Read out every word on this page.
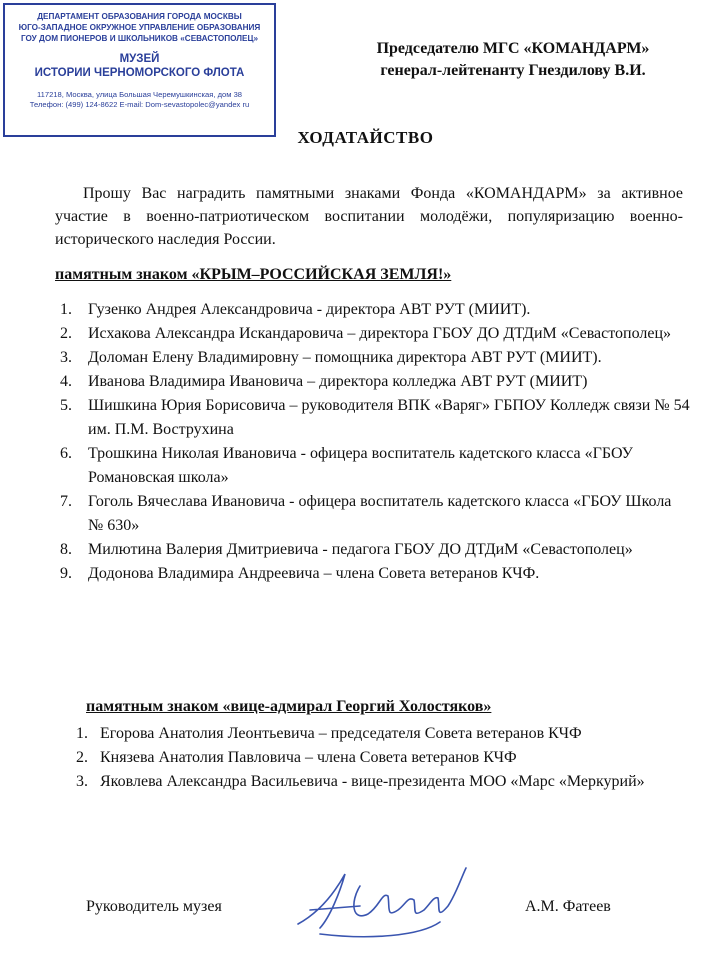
ДЕПАРТАМЕНТ ОБРАЗОВАНИЯ ГОРОДА МОСКВЫ
ЮГО-ЗАПАДНОЕ ОКРУЖНОЕ УПРАВЛЕНИЕ ОБРАЗОВАНИЯ
ГОУ ДОМ ПИОНЕРОВ И ШКОЛЬНИКОВ «СЕВАСТОПОЛЕЦ»
МУЗЕЙ
ИСТОРИИ ЧЕРНОМОРСКОГО ФЛОТА
117218, Москва, улица Большая Черемушкинская, дом 38
Телефон: (499) 124-8622 E-mail: Dom-sevastopolec@yandex ru
Председателю МГС «КОМАНДАРМ»
генерал-лейтенанту Гнездилову В.И.
ХОДАТАЙСТВО
Прошу Вас наградить памятными знаками Фонда «КОМАНДАРМ» за активное участие в военно-патриотическом воспитании молодёжи, популяризацию военно-исторического наследия России.
памятным знаком «КРЫМ–РОССИЙСКАЯ ЗЕМЛЯ!»
1. Гузенко Андрея Александровича - директора АВТ РУТ (МИИТ).
2. Исхакова Александра Искандаровича – директора ГБОУ ДО ДТДиМ «Севастополец»
3. Доломан Елену Владимировну – помощника директора АВТ РУТ (МИИТ).
4. Иванова Владимира Ивановича – директора колледжа АВТ РУТ (МИИТ)
5. Шишкина Юрия Борисовича – руководителя ВПК «Варяг» ГБПОУ Колледж связи № 54 им. П.М. Вострухина
6. Трошкина Николая Ивановича - офицера воспитатель кадетского класса «ГБОУ Романовская школа»
7. Гоголь Вячеслава Ивановича - офицера воспитатель кадетского класса «ГБОУ Школа № 630»
8. Милютина Валерия Дмитриевича - педагога ГБОУ ДО ДТДиМ «Севастополец»
9. Додонова Владимира Андреевича – члена Совета ветеранов КЧФ.
памятным знаком «вице-адмирал Георгий Холостяков»
1. Егорова Анатолия Леонтьевича – председателя Совета ветеранов КЧФ
2. Князева Анатолия Павловича – члена Совета ветеранов КЧФ
3. Яковлева Александра Васильевича - вице-президента МОО «Марс «Меркурий»
Руководитель музея	А.М. Фатеев
